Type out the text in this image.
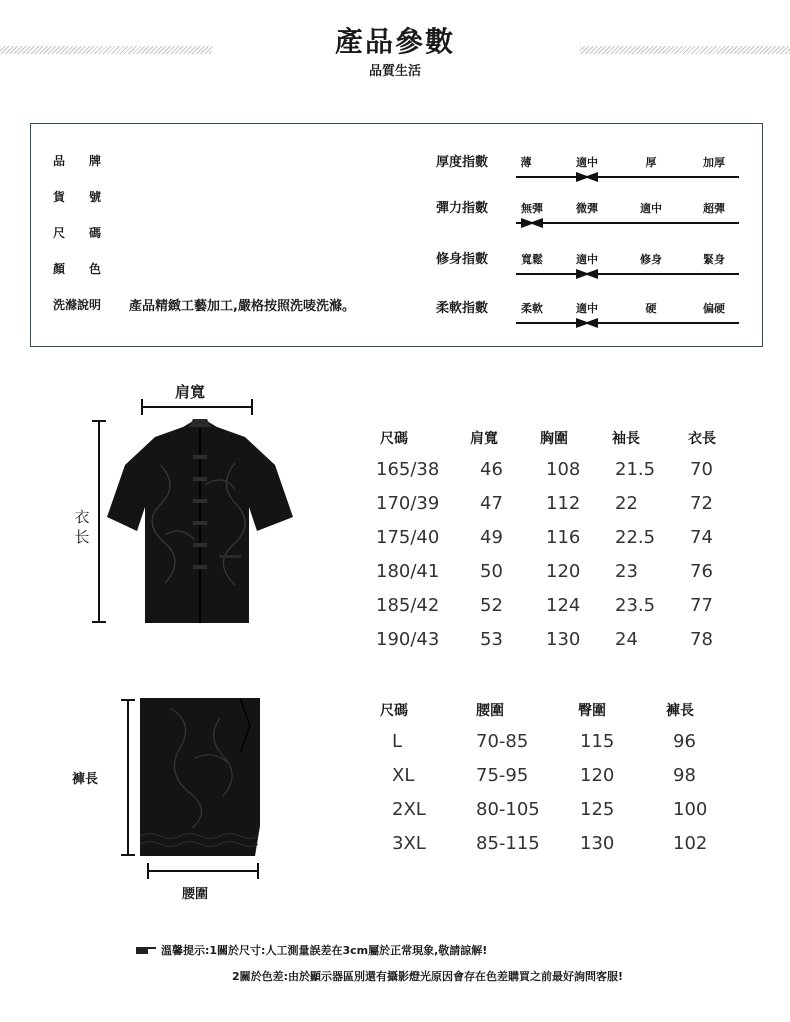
產品參數
品質生活
品　　牌
貨　　號
尺　　碼
顏　　色
洗滌說明 產品精緻工藝加工,嚴格按照洗唛洗滌。
厚度指數	薄	適中	厚	加厚
彈力指數	無彈	微彈	適中	超彈
修身指數	寬鬆	適中	修身	緊身
柔軟指數	柔軟	適中	硬	偏硬
肩寬
衣长
尺碼	肩寬	胸圍	袖長	衣長
165/38 46 108 21.5 70
170/39 47 112 22	72
175/40 49 116 22.5 74
180/41 50 120 23	76
185/42 52 124 23.5 77
190/43 53 130 24	78
褲長
腰圍
尺碼	腰圍	臀圍	褲長
L	70-85	115	96
XL	75-95	120	98
2XL	80-105 125	100
3XL	85-115 130	102
溫馨提示:1關於尺寸:人工測量誤差在3cm屬於正常現象,敬請諒解!
2關於色差:由於顯示器區別還有攝影燈光原因會存在色差購買之前最好詢問客服!
